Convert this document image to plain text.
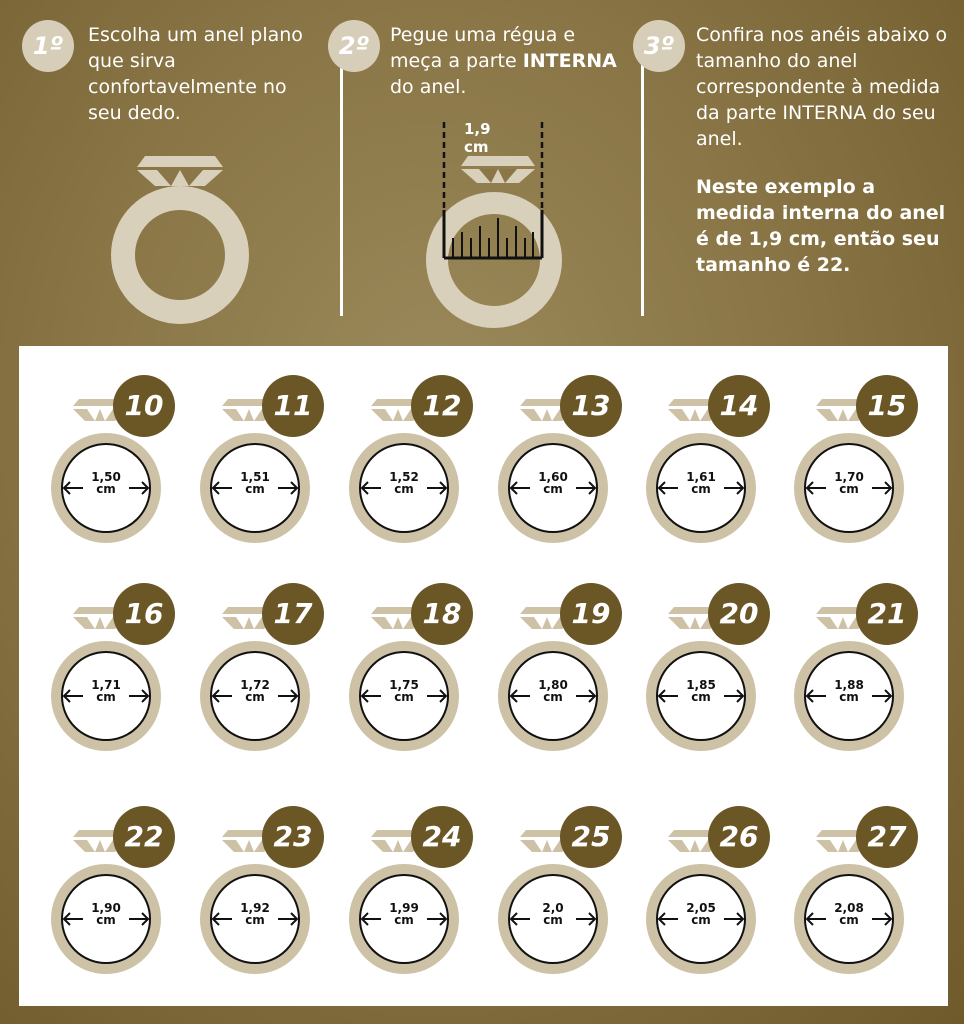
1º	Escolha um anel plano que sirva confortavelmente no seu dedo.
2º	Pegue uma régua e meça a parte INTERNA do anel.
1,9 cm
3º	Confira nos anéis abaixo o tamanho do anel correspondente à medida da parte INTERNA do seu anel.
Neste exemplo a medida interna do anel é de 1,9 cm, então seu tamanho é 22.
10
1,50
cm
11
1,51
cm
12
1,52
cm
13
1,60
cm
14
1,61
cm
15
1,70
cm
16
1,71
cm
17
1,72
cm
18
1,75
cm
19
1,80
cm
20
1,85
cm
21
1,88
cm
22
1,90
cm
23
1,92
cm
24
1,99
cm
25
2,0
cm
26
2,05
cm
27
2,08
cm
